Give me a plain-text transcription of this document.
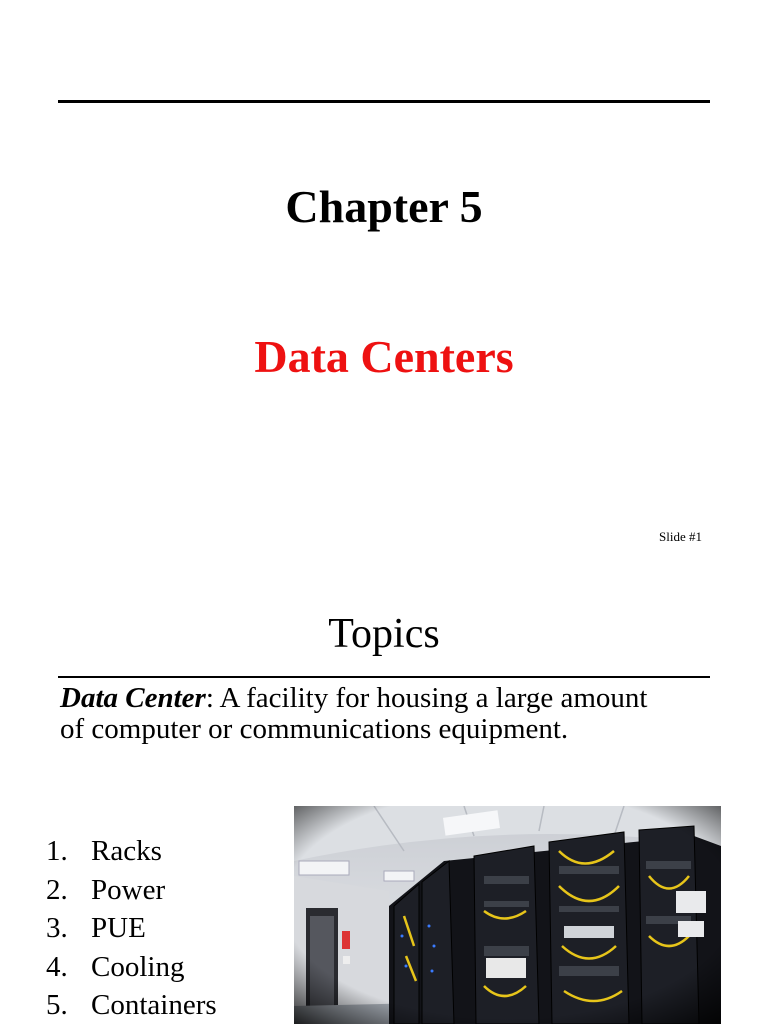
Chapter 5
Data Centers
Slide #1
Topics
Data Center: A facility for housing a large amount of computer or communications equipment.
1. Racks
2. Power
3. PUE
4. Cooling
5. Containers
